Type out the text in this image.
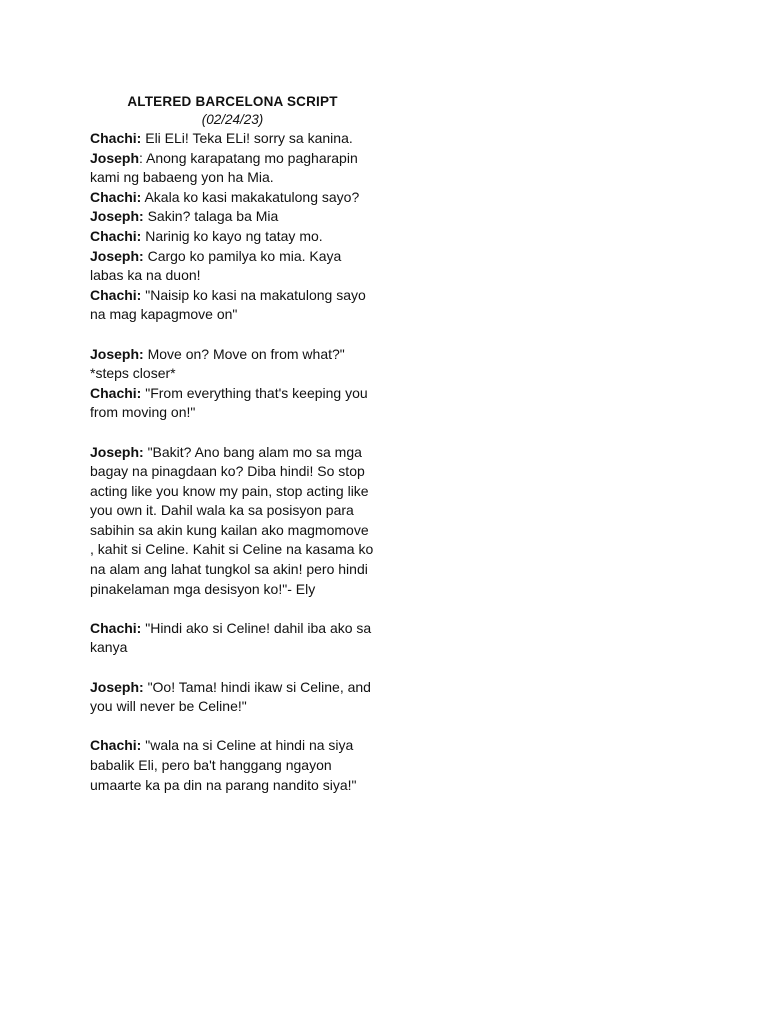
ALTERED BARCELONA SCRIPT

(02/24/23)

Chachi: Eli ELi! Teka ELi! sorry sa kanina.

Joseph: Anong karapatang mo pagharapin kami ng babaeng yon ha Mia.

Chachi: Akala ko kasi makakatulong sayo?

Joseph: Sakin? talaga ba Mia

Chachi: Narinig ko kayo ng tatay mo.

Joseph: Cargo ko pamilya ko mia. Kaya labas ka na duon!

Chachi: "Naisip ko kasi na makatulong sayo na mag kapagmove on"

Joseph: Move on? Move on from what?" *steps closer*

Chachi: "From everything that's keeping you from moving on!"

Joseph: "Bakit? Ano bang alam mo sa mga bagay na pinagdaan ko? Diba hindi! So stop acting like you know my pain, stop acting like you own it. Dahil wala ka sa posisyon para sabihin sa akin kung kailan ako magmomove , kahit si Celine. Kahit si Celine na kasama ko na alam ang lahat tungkol sa akin! pero hindi pinakelaman mga desisyon ko!"- Ely

Chachi: "Hindi ako si Celine! dahil iba ako sa kanya

Joseph: "Oo! Tama! hindi ikaw si Celine, and you will never be Celine!"

Chachi: "wala na si Celine at hindi na siya babalik Eli, pero ba't hanggang ngayon umaarte ka pa din na parang nandito siya!"
